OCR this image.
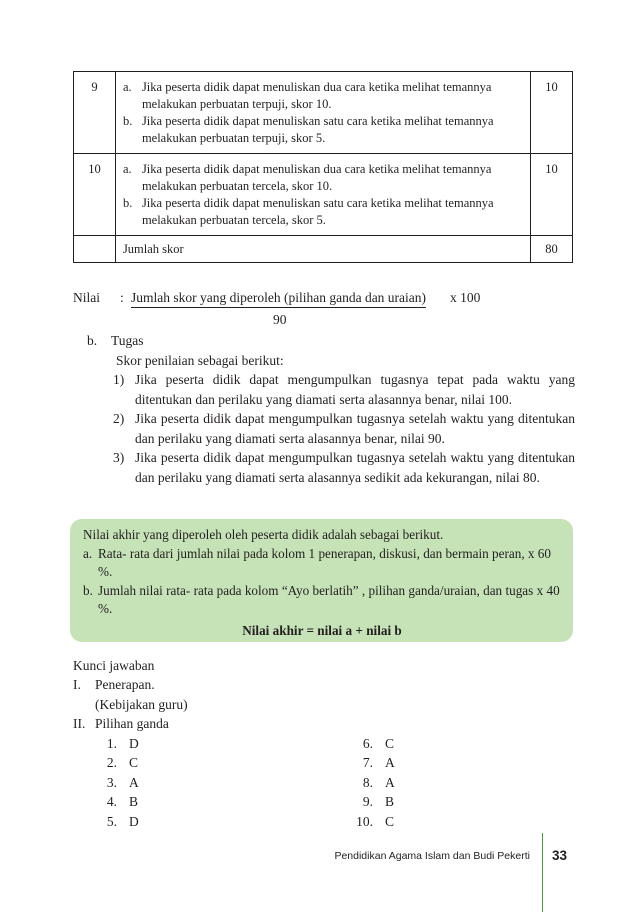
9	a. Jika peserta didik dapat menuliskan dua cara ketika melihat temannya melakukan perbuatan terpuji, skor 10.
b. Jika peserta didik dapat menuliskan satu cara ketika melihat temannya melakukan perbuatan terpuji, skor 5.	10
10	a. Jika peserta didik dapat menuliskan dua cara ketika melihat temannya melakukan perbuatan tercela, skor 10.
b. Jika peserta didik dapat menuliskan satu cara ketika melihat temannya melakukan perbuatan tercela, skor 5.	10
	Jumlah skor	80
Nilai : Jumlah skor yang diperoleh (pilihan ganda dan uraian) x 100
90
b. Tugas
Skor penilaian sebagai berikut:
1) Jika peserta didik dapat mengumpulkan tugasnya tepat pada waktu yang ditentukan dan perilaku yang diamati serta alasannya benar, nilai 100.
2) Jika peserta didik dapat mengumpulkan tugasnya setelah waktu yang ditentukan dan perilaku yang diamati serta alasannya benar, nilai 90.
3) Jika peserta didik dapat mengumpulkan tugasnya setelah waktu yang ditentukan dan perilaku yang diamati serta alasannya sedikit ada kekurangan, nilai 80.
Nilai akhir yang diperoleh oleh peserta didik adalah sebagai berikut.
a. Rata- rata dari jumlah nilai pada kolom 1 penerapan, diskusi, dan bermain peran, x 60 %.
b. Jumlah nilai rata- rata pada kolom “Ayo berlatih” , pilihan ganda/uraian, dan tugas x 40 %.
Nilai akhir = nilai a + nilai b
Kunci jawaban
I. Penerapan.
(Kebijakan guru)
II. Pilihan ganda
1. D
2. C
3. A
4. B
5. D
6. C
7. A
8. A
9. B
10. C
Pendidikan Agama Islam dan Budi Pekerti 33
